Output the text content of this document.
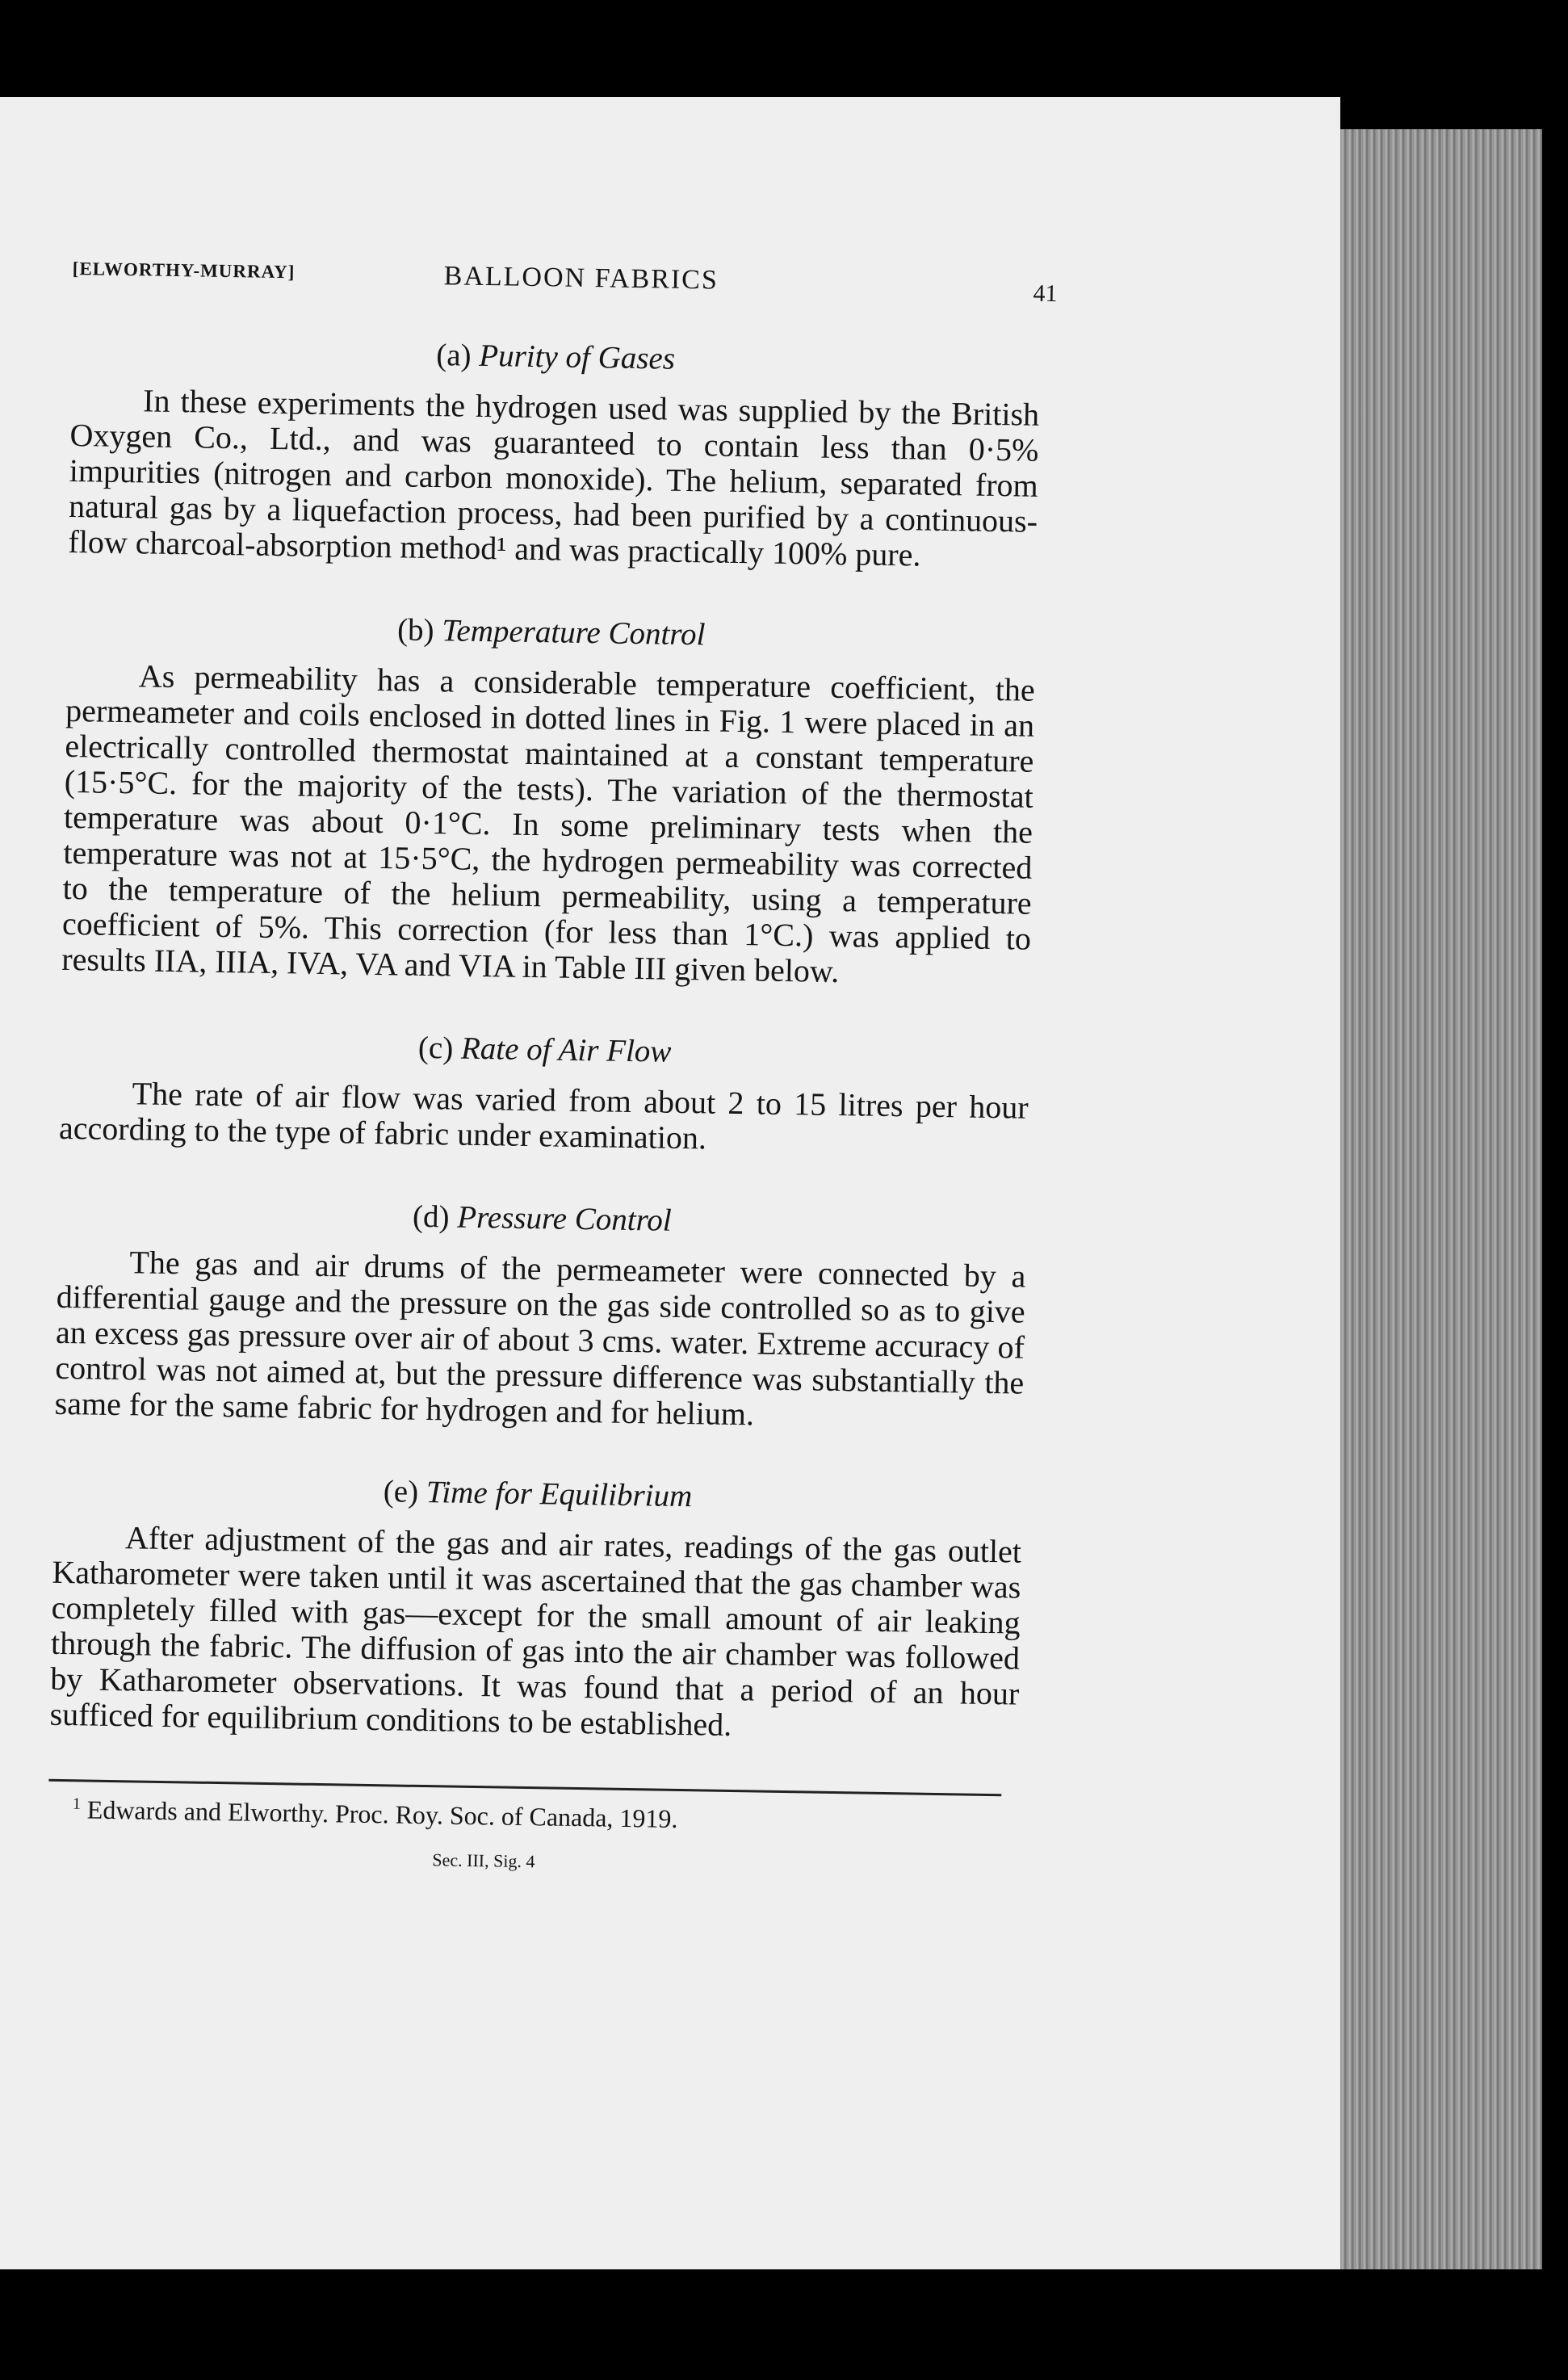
[ELWORTHY-MURRAY]	BALLOON FABRICS	41
(a) Purity of Gases

In these experiments the hydrogen used was supplied by the British Oxygen Co., Ltd., and was guaranteed to contain less than 0·5% impurities (nitrogen and carbon monoxide). The helium, separated from natural gas by a liquefaction process, had been purified by a continuous-flow charcoal-absorption method¹ and was practically 100% pure.

(b) Temperature Control

As permeability has a considerable temperature coefficient, the permeameter and coils enclosed in dotted lines in Fig. 1 were placed in an electrically controlled thermostat maintained at a constant temperature (15·5°C. for the majority of the tests). The variation of the thermostat temperature was about 0·1°C. In some preliminary tests when the temperature was not at 15·5°C, the hydrogen permeability was corrected to the temperature of the helium permeability, using a temperature coefficient of 5%. This correction (for less than 1°C.) was applied to results IIA, IIIA, IVA, VA and VIA in Table III given below.

(c) Rate of Air Flow

The rate of air flow was varied from about 2 to 15 litres per hour according to the type of fabric under examination.

(d) Pressure Control

The gas and air drums of the permeameter were connected by a differential gauge and the pressure on the gas side controlled so as to give an excess gas pressure over air of about 3 cms. water. Extreme accuracy of control was not aimed at, but the pressure difference was substantially the same for the same fabric for hydrogen and for helium.

(e) Time for Equilibrium

After adjustment of the gas and air rates, readings of the gas outlet Katharometer were taken until it was ascertained that the gas chamber was completely filled with gas—except for the small amount of air leaking through the fabric. The diffusion of gas into the air chamber was followed by Katharometer observations. It was found that a period of an hour sufficed for equilibrium conditions to be established.

$^1$ Edwards and Elworthy. Proc. Roy. Soc. of Canada, 1919.
Sec. III, Sig. 4
